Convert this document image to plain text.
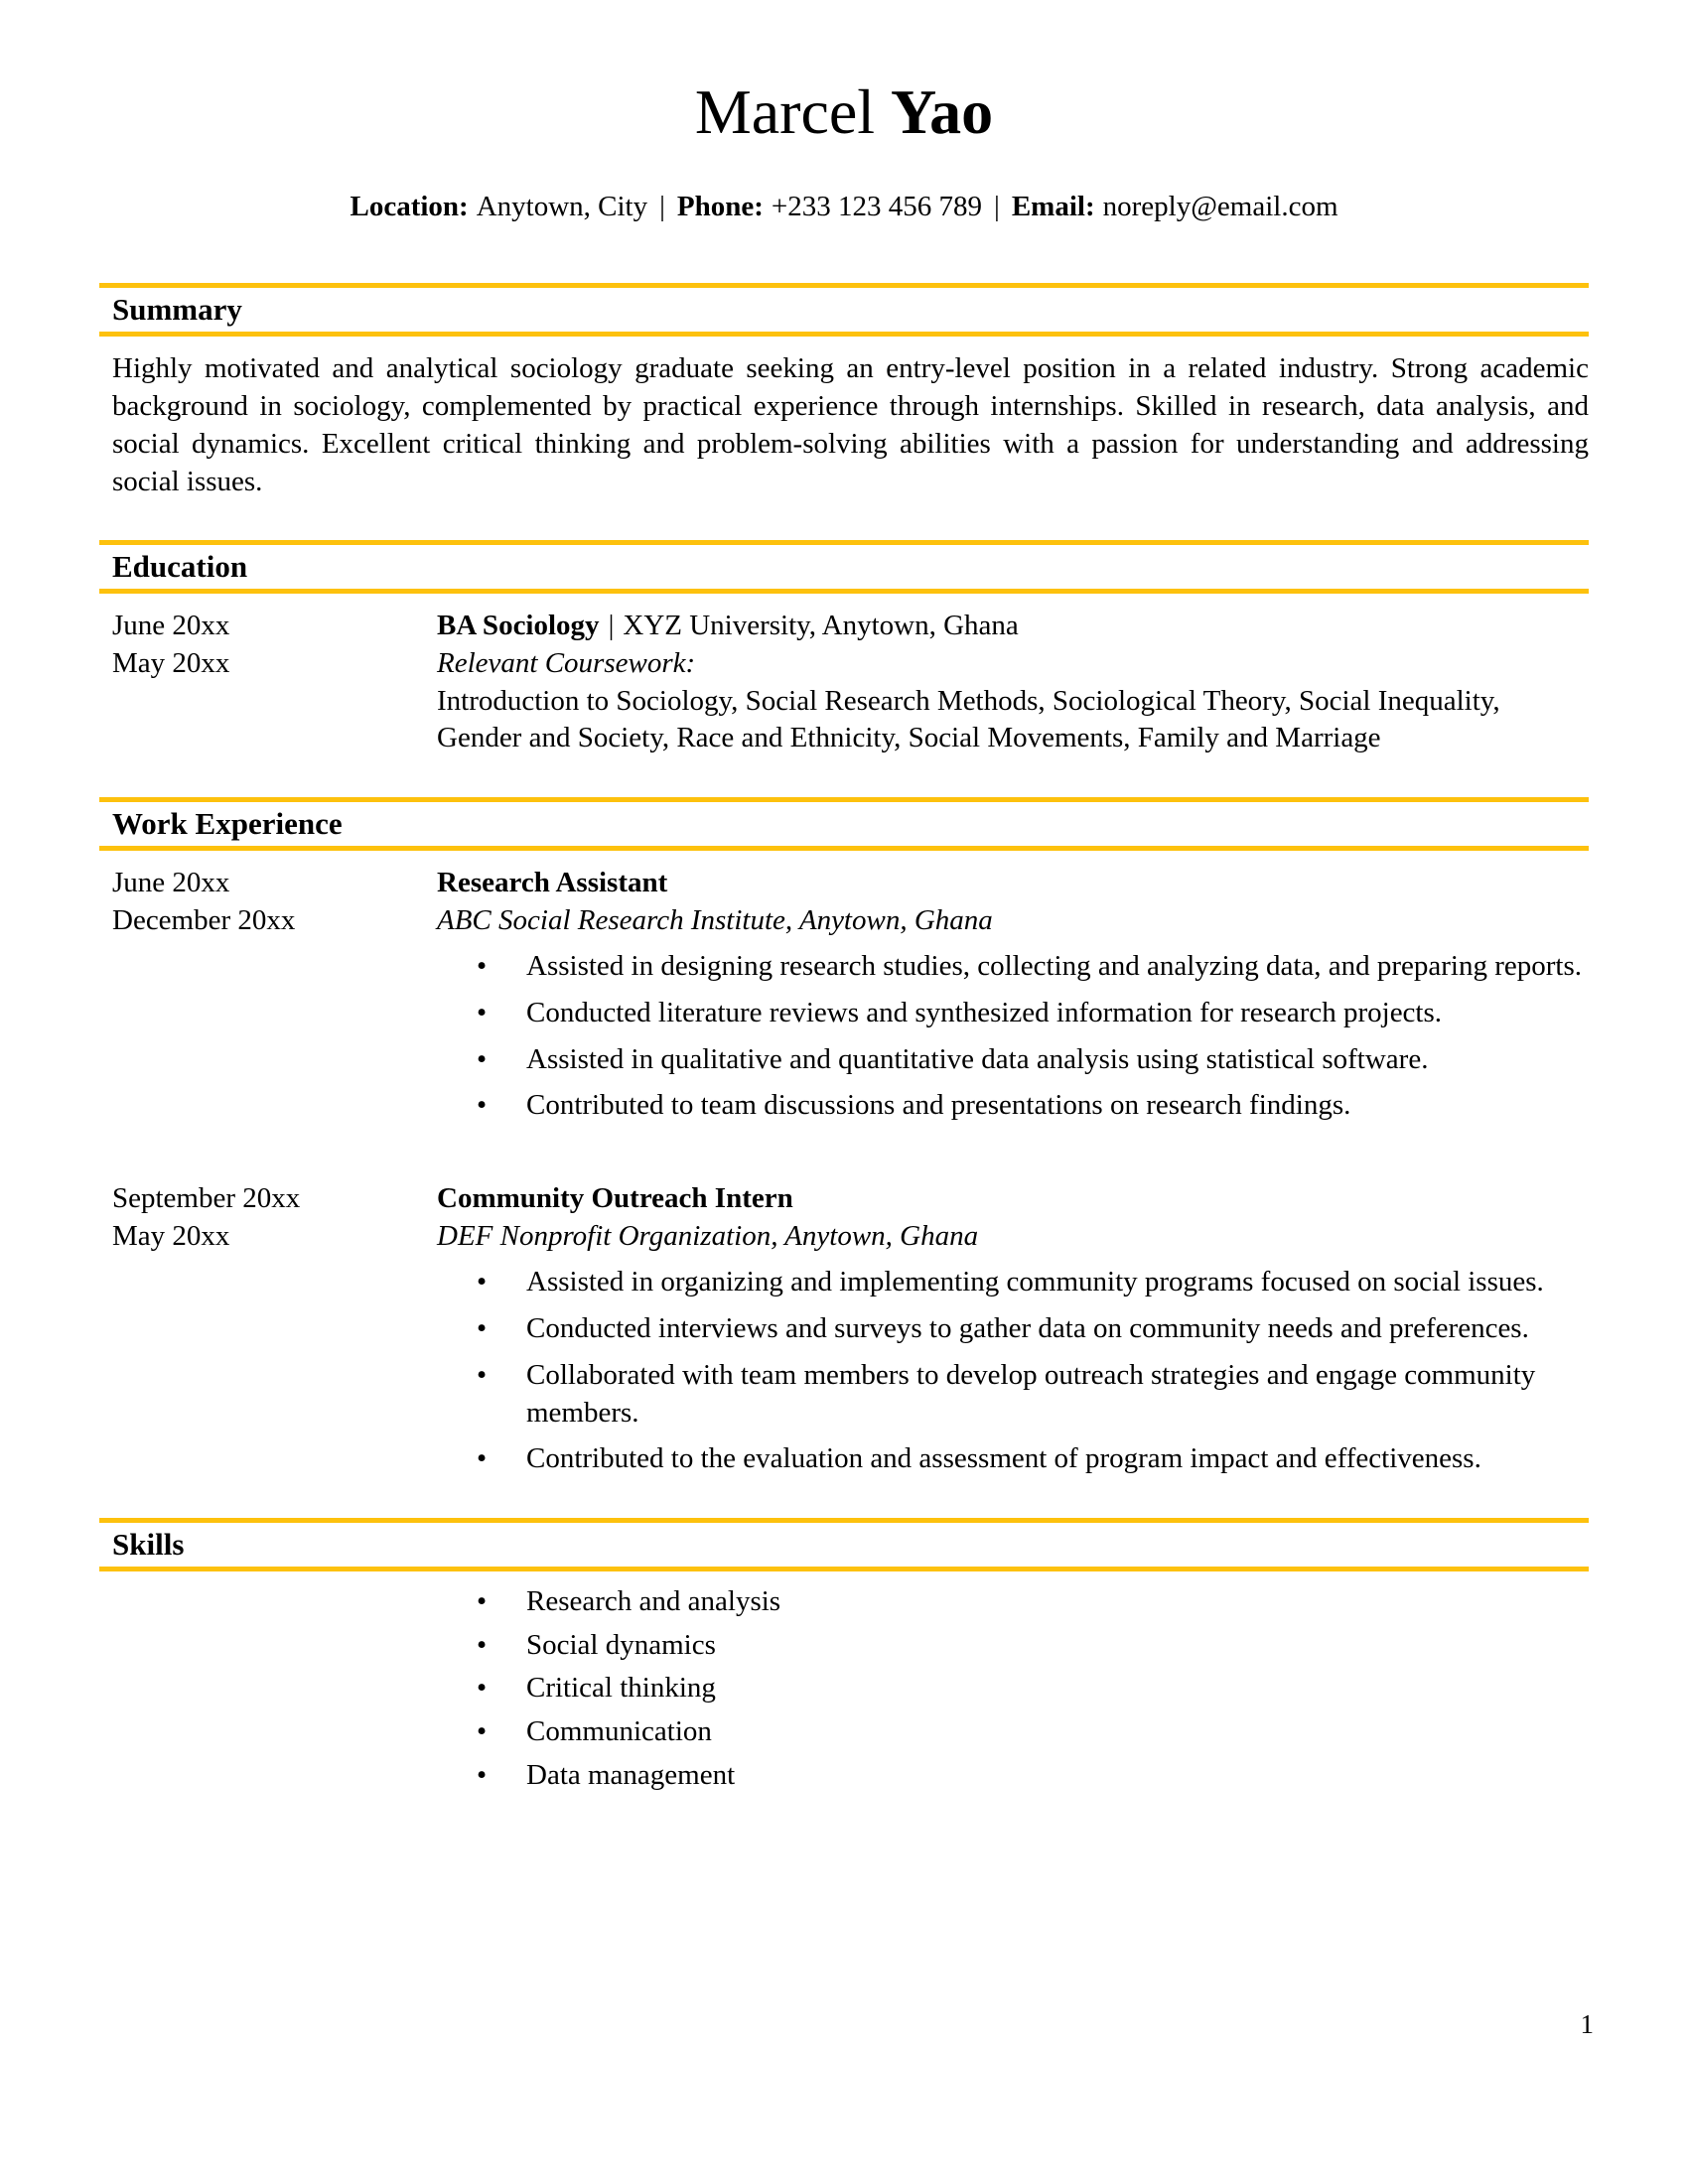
Marcel Yao
Location: Anytown, City | Phone: +233 123 456 789 | Email: noreply@email.com
Summary
Highly motivated and analytical sociology graduate seeking an entry-level position in a related industry. Strong academic background in sociology, complemented by practical experience through internships. Skilled in research, data analysis, and social dynamics. Excellent critical thinking and problem-solving abilities with a passion for understanding and addressing social issues.
Education
June 20xx
May 20xx
BA Sociology | XYZ University, Anytown, Ghana
Relevant Coursework:
Introduction to Sociology, Social Research Methods, Sociological Theory, Social Inequality, Gender and Society, Race and Ethnicity, Social Movements, Family and Marriage
Work Experience
June 20xx
December 20xx
Research Assistant
ABC Social Research Institute, Anytown, Ghana
• Assisted in designing research studies, collecting and analyzing data, and preparing reports.
• Conducted literature reviews and synthesized information for research projects.
• Assisted in qualitative and quantitative data analysis using statistical software.
• Contributed to team discussions and presentations on research findings.
September 20xx
May 20xx
Community Outreach Intern
DEF Nonprofit Organization, Anytown, Ghana
• Assisted in organizing and implementing community programs focused on social issues.
• Conducted interviews and surveys to gather data on community needs and preferences.
• Collaborated with team members to develop outreach strategies and engage community members.
• Contributed to the evaluation and assessment of program impact and effectiveness.
Skills
• Research and analysis
• Social dynamics
• Critical thinking
• Communication
• Data management
1
